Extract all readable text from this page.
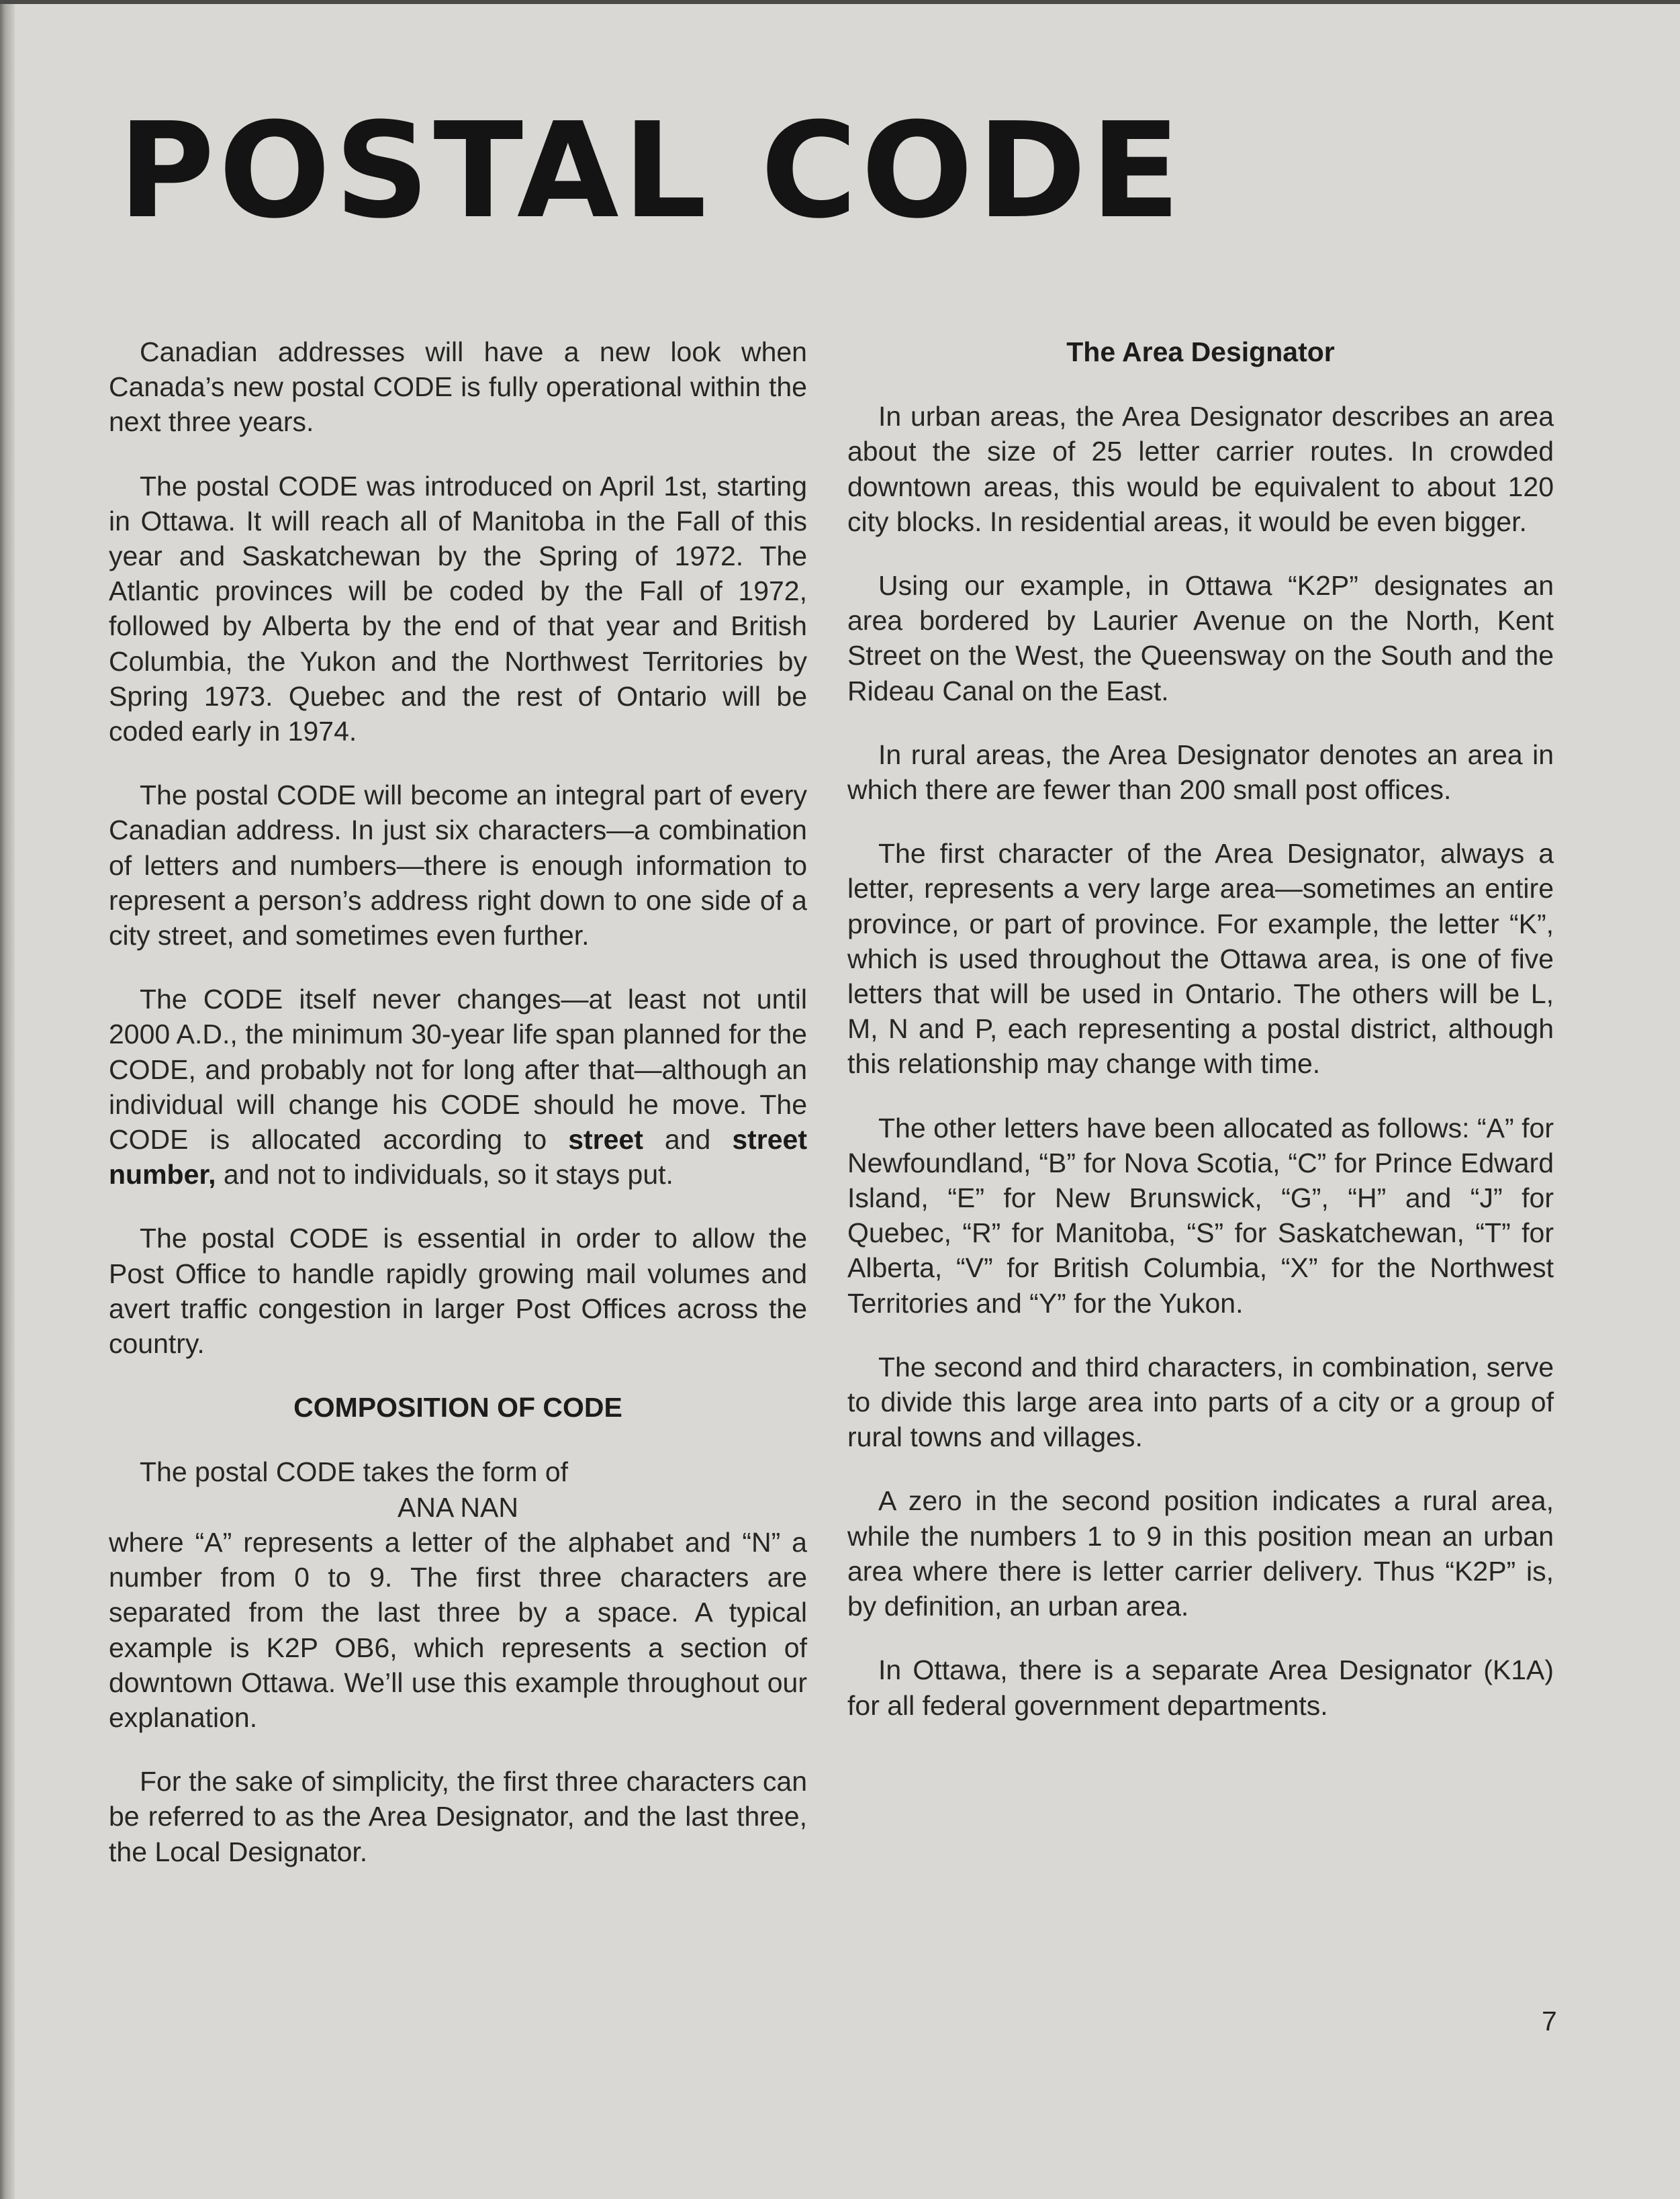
POSTAL CODE

Canadian addresses will have a new look when Canada’s new postal CODE is fully operational within the next three years.

The postal CODE was introduced on April 1st, starting in Ottawa. It will reach all of Manitoba in the Fall of this year and Saskatchewan by the Spring of 1972. The Atlantic provinces will be coded by the Fall of 1972, followed by Alberta by the end of that year and British Columbia, the Yukon and the Northwest Territories by Spring 1973. Quebec and the rest of Ontario will be coded early in 1974.

The postal CODE will become an integral part of every Canadian address. In just six characters—a combination of letters and numbers—there is enough information to represent a person’s address right down to one side of a city street, and sometimes even further.

The CODE itself never changes—at least not until 2000 A.D., the minimum 30-year life span planned for the CODE, and probably not for long after that—although an individual will change his CODE should he move. The CODE is allocated according to street and street number, and not to individuals, so it stays put.

The postal CODE is essential in order to allow the Post Office to handle rapidly growing mail volumes and avert traffic congestion in larger Post Offices across the country.

COMPOSITION OF CODE

The postal CODE takes the form of

ANA NAN

where “A” represents a letter of the alphabet and “N” a number from 0 to 9. The first three characters are separated from the last three by a space. A typical example is K2P OB6, which represents a section of downtown Ottawa. We’ll use this example throughout our explanation.

For the sake of simplicity, the first three characters can be referred to as the Area Designator, and the last three, the Local Designator.

The Area Designator

In urban areas, the Area Designator describes an area about the size of 25 letter carrier routes. In crowded downtown areas, this would be equivalent to about 120 city blocks. In residential areas, it would be even bigger.

Using our example, in Ottawa “K2P” designates an area bordered by Laurier Avenue on the North, Kent Street on the West, the Queensway on the South and the Rideau Canal on the East.

In rural areas, the Area Designator denotes an area in which there are fewer than 200 small post offices.

The first character of the Area Designator, always a letter, represents a very large area—sometimes an entire province, or part of province. For example, the letter “K”, which is used throughout the Ottawa area, is one of five letters that will be used in Ontario. The others will be L, M, N and P, each representing a postal district, although this relationship may change with time.

The other letters have been allocated as follows: “A” for Newfoundland, “B” for Nova Scotia, “C” for Prince Edward Island, “E” for New Brunswick, “G”, “H” and “J” for Quebec, “R” for Manitoba, “S” for Saskatchewan, “T” for Alberta, “V” for British Columbia, “X” for the Northwest Territories and “Y” for the Yukon.

The second and third characters, in combination, serve to divide this large area into parts of a city or a group of rural towns and villages.

A zero in the second position indicates a rural area, while the numbers 1 to 9 in this position mean an urban area where there is letter carrier delivery. Thus “K2P” is, by definition, an urban area.

In Ottawa, there is a separate Area Designator (K1A) for all federal government departments.

7
